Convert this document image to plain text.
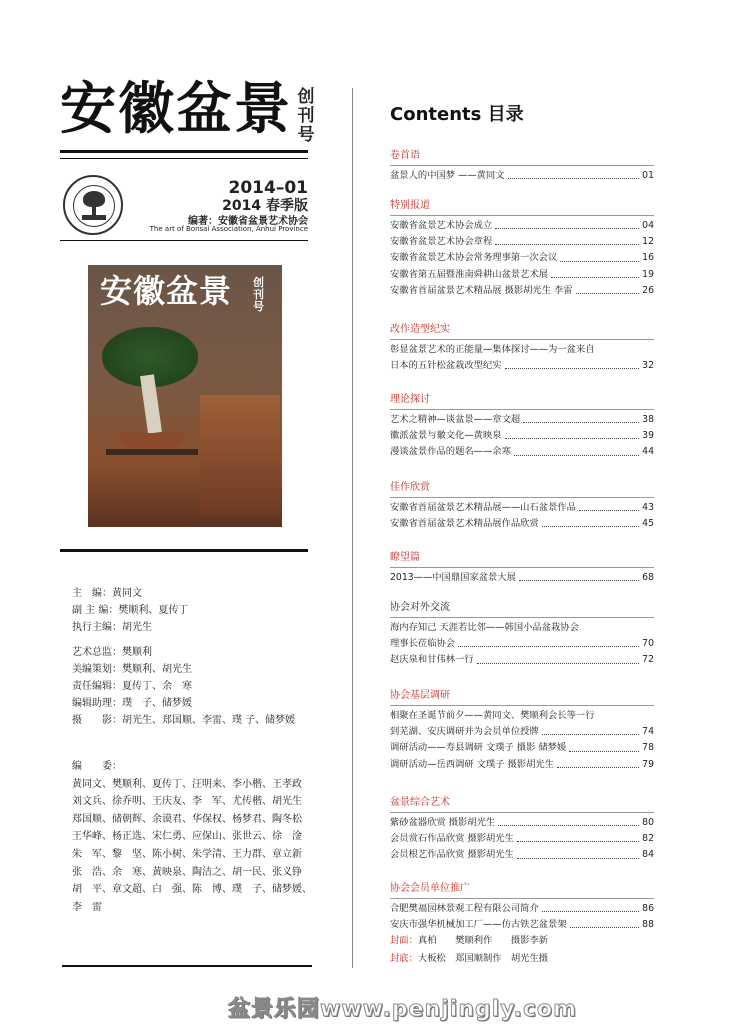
安徽盆景 创刊号
2014–01
2014 春季版
编著：安徽省盆景艺术协会
The art of Bonsai Association, Anhui Province
安徽盆景 创刊号
主　编：黄同文
副 主 编：樊顺利、夏传丁
执行主编：胡光生
艺术总监：樊顺利
美编策划：樊顺利、胡光生
责任编辑：夏传丁、余　寒
编辑助理：璞　子、储梦媛
摄　　影：胡光生、郑国顺、李雷、璞 子、储梦媛
编　　委：
黄同文、樊顺利、夏传丁、汪明来、李小楷、王孝政
刘文兵、徐乔明、王庆友、李　军、尤传楷、胡光生
郑国顺、储朝辉、余谟君、华保权、杨梦君、陶冬松
王华峰、杨正选、宋仁勇、应保山、张世云、徐　淦
朱　军、黎　坚、陈小树、朱学清、王力群、章立新
张　浩、余　寒、黄映泉、陶洁之、胡一民、张义铮
胡　平、章文超、白　强、陈　博、璞　子、储梦媛、
李　雷
Contents 目录
卷首语
盆景人的中国梦 ——黄同文	01
特别报道
安徽省盆景艺术协会成立	04
安徽省盆景艺术协会章程	12
安徽省盆景艺术协会常务理事第一次会议	16
安徽省第五届暨淮南舜耕山盆景艺术展	19
安徽省首届盆景艺术精品展 摄影胡光生 李雷	26
改作造型纪实
彰显盆景艺术的正能量—集体探讨——为一盆来自
日本的五针松盆栽改型纪实	32
理论探讨
艺术之精神—谈盆景——章文超	38
徽派盆景与徽文化—黄映泉	39
漫谈盆景作品的题名——余寒	44
佳作欣赏
安徽省首届盆景艺术精品展——山石盆景作品	43
安徽省首届盆景艺术精品展作品欣赏	45
瞭望篇
2013——中国鼎国家盆景大展	68
协会对外交流
海内存知己 天涯若比邻——韩国小品盆栽协会
理事长莅临协会	70
赵庆泉和甘伟林一行	72
协会基层调研
相聚在圣诞节前夕——黄同文、樊顺利会长等一行
到芜湖、安庆调研并为会员单位授牌	74
调研活动——寿县调研 文璞子 摄影 储梦媛	78
调研活动—岳西调研 文璞子 摄影胡光生	79
盆景综合艺术
紫砂盆器欣赏 摄影胡光生	80
会员赏石作品欣赏 摄影胡光生	82
会员根艺作品欣赏 摄影胡光生	84
协会会员单位推广
合肥樊福园林景观工程有限公司简介	86
安庆市强华机械加工厂——仿古铁艺盆景架	88
封面：真柏　　樊顺利作　　摄影李新
封底：大板松　郑国顺制作　胡光生摄
盆景乐园www.penjingly.com
